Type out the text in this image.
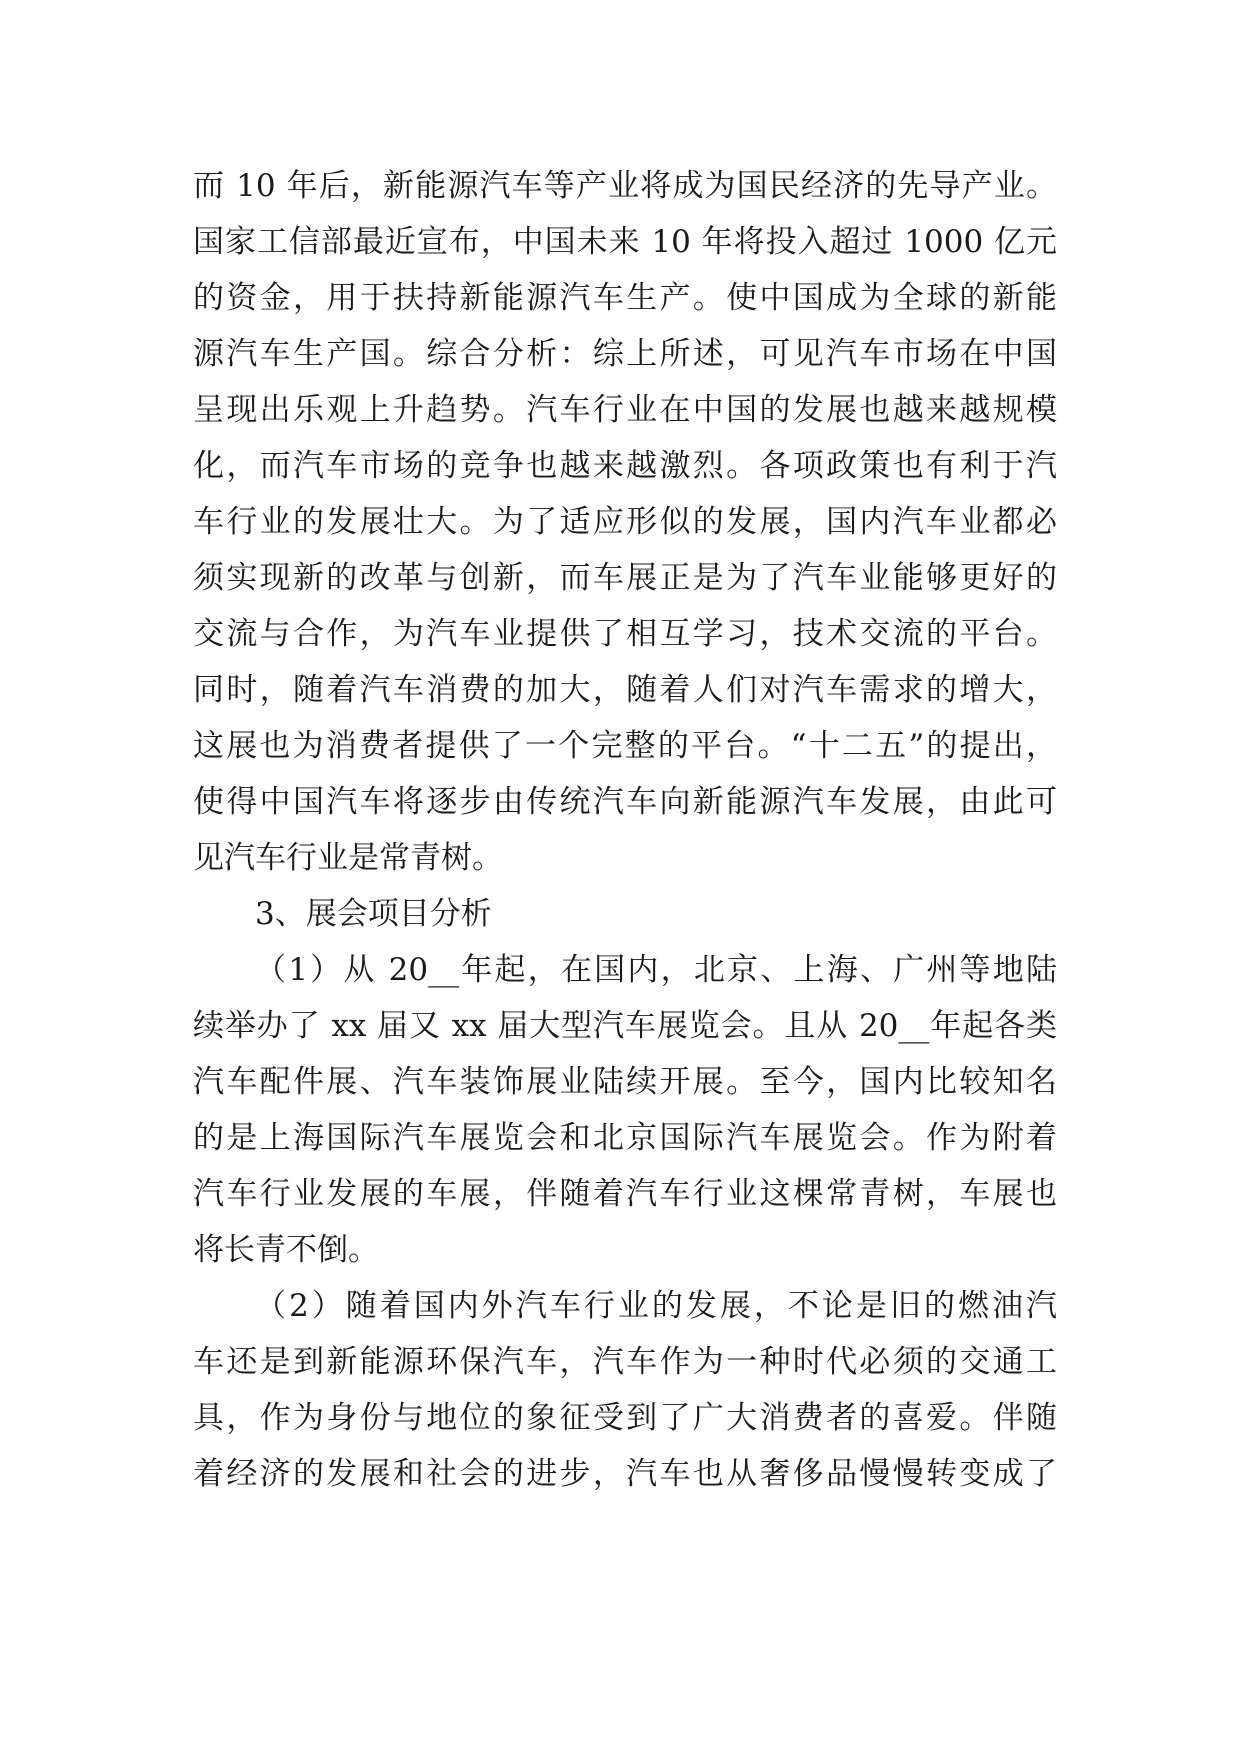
而 10 年后，新能源汽车等产业将成为国民经济的先导产业。
国家工信部最近宣布，中国未来 10 年将投入超过 1000 亿元
的资金，用于扶持新能源汽车生产。使中国成为全球的新能
源汽车生产国。综合分析：综上所述，可见汽车市场在中国
呈现出乐观上升趋势。汽车行业在中国的发展也越来越规模
化，而汽车市场的竞争也越来越激烈。各项政策也有利于汽
车行业的发展壮大。为了适应形似的发展，国内汽车业都必
须实现新的改革与创新，而车展正是为了汽车业能够更好的
交流与合作，为汽车业提供了相互学习，技术交流的平台。
同时，随着汽车消费的加大，随着人们对汽车需求的增大，
这展也为消费者提供了一个完整的平台。“十二五”的提出，
使得中国汽车将逐步由传统汽车向新能源汽车发展，由此可
见汽车行业是常青树。
3、展会项目分析
（1）从 20__年起，在国内，北京、上海、广州等地陆
续举办了 xx 届又 xx 届大型汽车展览会。且从 20__年起各类
汽车配件展、汽车装饰展业陆续开展。至今，国内比较知名
的是上海国际汽车展览会和北京国际汽车展览会。作为附着
汽车行业发展的车展，伴随着汽车行业这棵常青树，车展也
将长青不倒。
（2）随着国内外汽车行业的发展，不论是旧的燃油汽
车还是到新能源环保汽车，汽车作为一种时代必须的交通工
具，作为身份与地位的象征受到了广大消费者的喜爱。伴随
着经济的发展和社会的进步，汽车也从奢侈品慢慢转变成了
